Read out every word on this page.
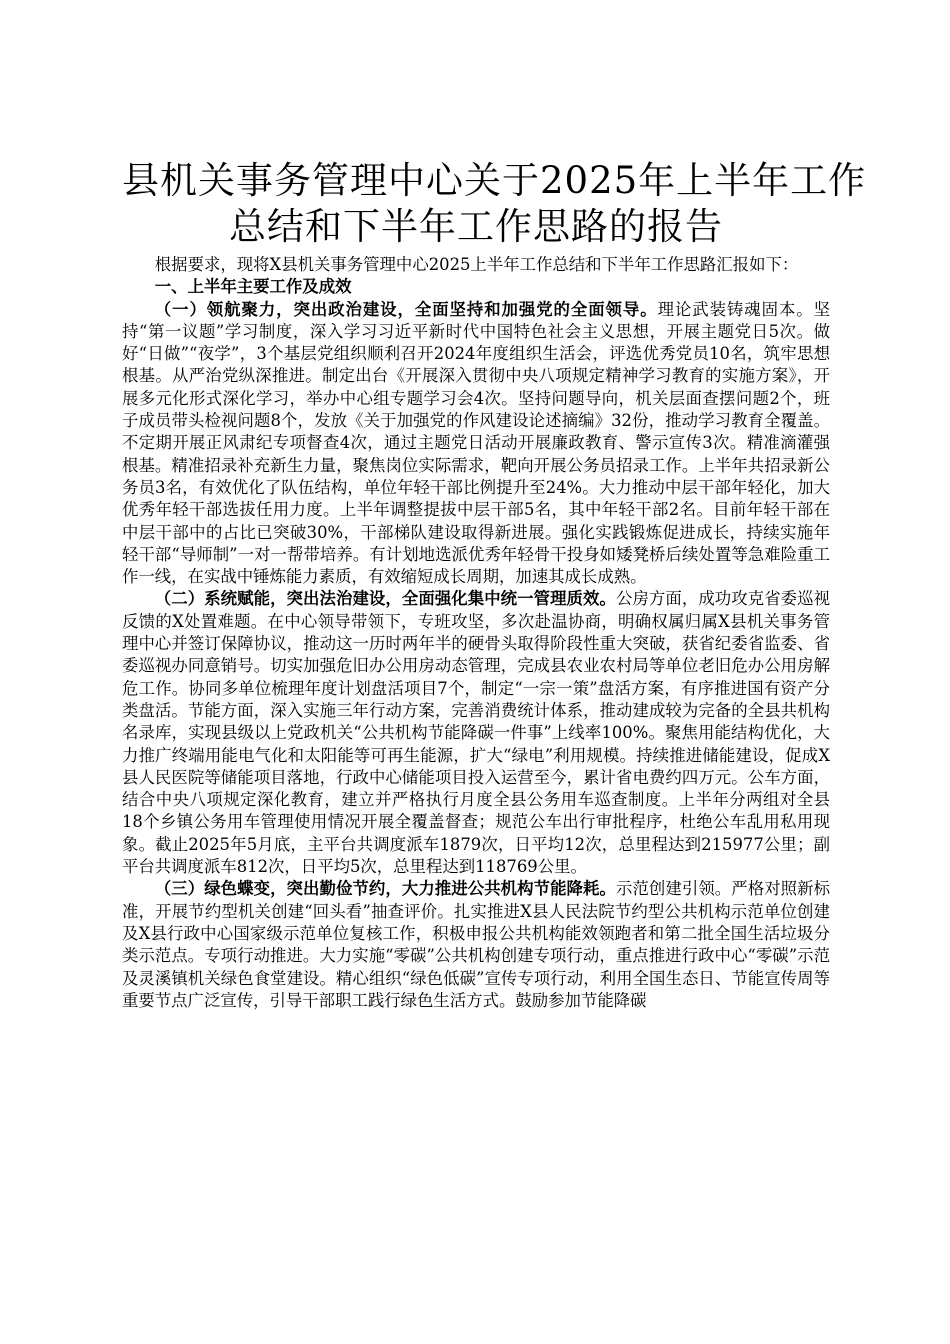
县机关事务管理中心关于2025年上半年工作
总结和下半年工作思路的报告

根据要求，现将X县机关事务管理中心2025上半年工作总结和下半年工作思路汇报如下：

一、上半年主要工作及成效

（一）领航聚力，突出政治建设，全面坚持和加强党的全面领导。理论武装铸魂固本。坚持“第一议题”学习制度，深入学习习近平新时代中国特色社会主义思想，开展主题党日5次。做好“日做”“夜学”，3个基层党组织顺利召开2024年度组织生活会，评选优秀党员10名，筑牢思想根基。从严治党纵深推进。制定出台《开展深入贯彻中央八项规定精神学习教育的实施方案》，开展多元化形式深化学习，举办中心组专题学习会4次。坚持问题导向，机关层面查摆问题2个，班子成员带头检视问题8个，发放《关于加强党的作风建设论述摘编》32份，推动学习教育全覆盖。不定期开展正风肃纪专项督查4次，通过主题党日活动开展廉政教育、警示宣传3次。精准滴灌强根基。精准招录补充新生力量，聚焦岗位实际需求，靶向开展公务员招录工作。上半年共招录新公务员3名，有效优化了队伍结构，单位年轻干部比例提升至24%。大力推动中层干部年轻化，加大优秀年轻干部选拔任用力度。上半年调整提拔中层干部5名，其中年轻干部2名。目前年轻干部在中层干部中的占比已突破30%，干部梯队建设取得新进展。强化实践锻炼促进成长，持续实施年轻干部“导师制”一对一帮带培养。有计划地选派优秀年轻骨干投身如矮凳桥后续处置等急难险重工作一线，在实战中锤炼能力素质，有效缩短成长周期，加速其成长成熟。

（二）系统赋能，突出法治建设，全面强化集中统一管理质效。公房方面，成功攻克省委巡视反馈的X处置难题。在中心领导带领下，专班攻坚，多次赴温协商，明确权属归属X县机关事务管理中心并签订保障协议，推动这一历时两年半的硬骨头取得阶段性重大突破，获省纪委省监委、省委巡视办同意销号。切实加强危旧办公用房动态管理，完成县农业农村局等单位老旧危办公用房解危工作。协同多单位梳理年度计划盘活项目7个，制定“一宗一策”盘活方案，有序推进国有资产分类盘活。节能方面，深入实施三年行动方案，完善消费统计体系，推动建成较为完备的全县共机构名录库，实现县级以上党政机关“公共机构节能降碳一件事”上线率100%。聚焦用能结构优化，大力推广终端用能电气化和太阳能等可再生能源，扩大“绿电”利用规模。持续推进储能建设，促成X县人民医院等储能项目落地，行政中心储能项目投入运营至今，累计省电费约四万元。公车方面，结合中央八项规定深化教育，建立并严格执行月度全县公务用车巡查制度。上半年分两组对全县18个乡镇公务用车管理使用情况开展全覆盖督查；规范公车出行审批程序，杜绝公车乱用私用现象。截止2025年5月底，主平台共调度派车1879次，日平均12次，总里程达到215977公里；副平台共调度派车812次，日平均5次，总里程达到118769公里。

（三）绿色蝶变，突出勤俭节约，大力推进公共机构节能降耗。示范创建引领。严格对照新标准，开展节约型机关创建“回头看”抽查评价。扎实推进X县人民法院节约型公共机构示范单位创建及X县行政中心国家级示范单位复核工作，积极申报公共机构能效领跑者和第二批全国生活垃圾分类示范点。专项行动推进。大力实施“零碳”公共机构创建专项行动，重点推进行政中心“零碳”示范及灵溪镇机关绿色食堂建设。精心组织“绿色低碳”宣传专项行动，利用全国生态日、节能宣传周等重要节点广泛宣传，引导干部职工践行绿色生活方式。鼓励参加节能降碳
